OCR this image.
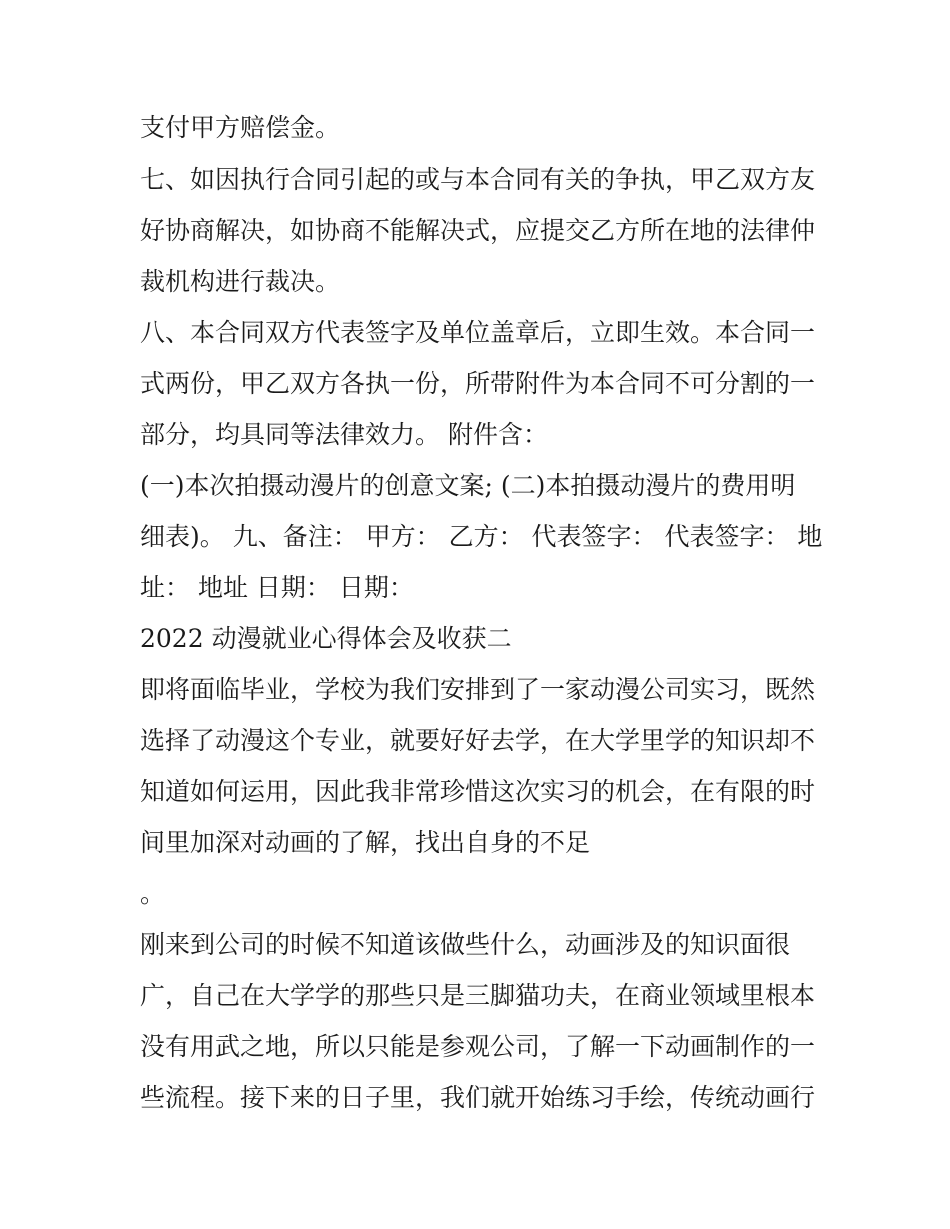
支付甲方赔偿金。
七、如因执行合同引起的或与本合同有关的争执，甲乙双方友
好协商解决，如协商不能解决式，应提交乙方所在地的法律仲
裁机构进行裁决。
八、本合同双方代表签字及单位盖章后，立即生效。本合同一
式两份，甲乙双方各执一份，所带附件为本合同不可分割的一
部分，均具同等法律效力。 附件含：
(一)本次拍摄动漫片的创意文案; (二)本拍摄动漫片的费用明
细表)。 九、备注： 甲方： 乙方： 代表签字： 代表签字： 地
址： 地址 日期： 日期：
2022 动漫就业心得体会及收获二
即将面临毕业，学校为我们安排到了一家动漫公司实习，既然
选择了动漫这个专业，就要好好去学，在大学里学的知识却不
知道如何运用，因此我非常珍惜这次实习的机会，在有限的时
间里加深对动画的了解，找出自身的不足
。
刚来到公司的时候不知道该做些什么，动画涉及的知识面很
广，自己在大学学的那些只是三脚猫功夫，在商业领域里根本
没有用武之地，所以只能是参观公司，了解一下动画制作的一
些流程。接下来的日子里，我们就开始练习手绘，传统动画行
